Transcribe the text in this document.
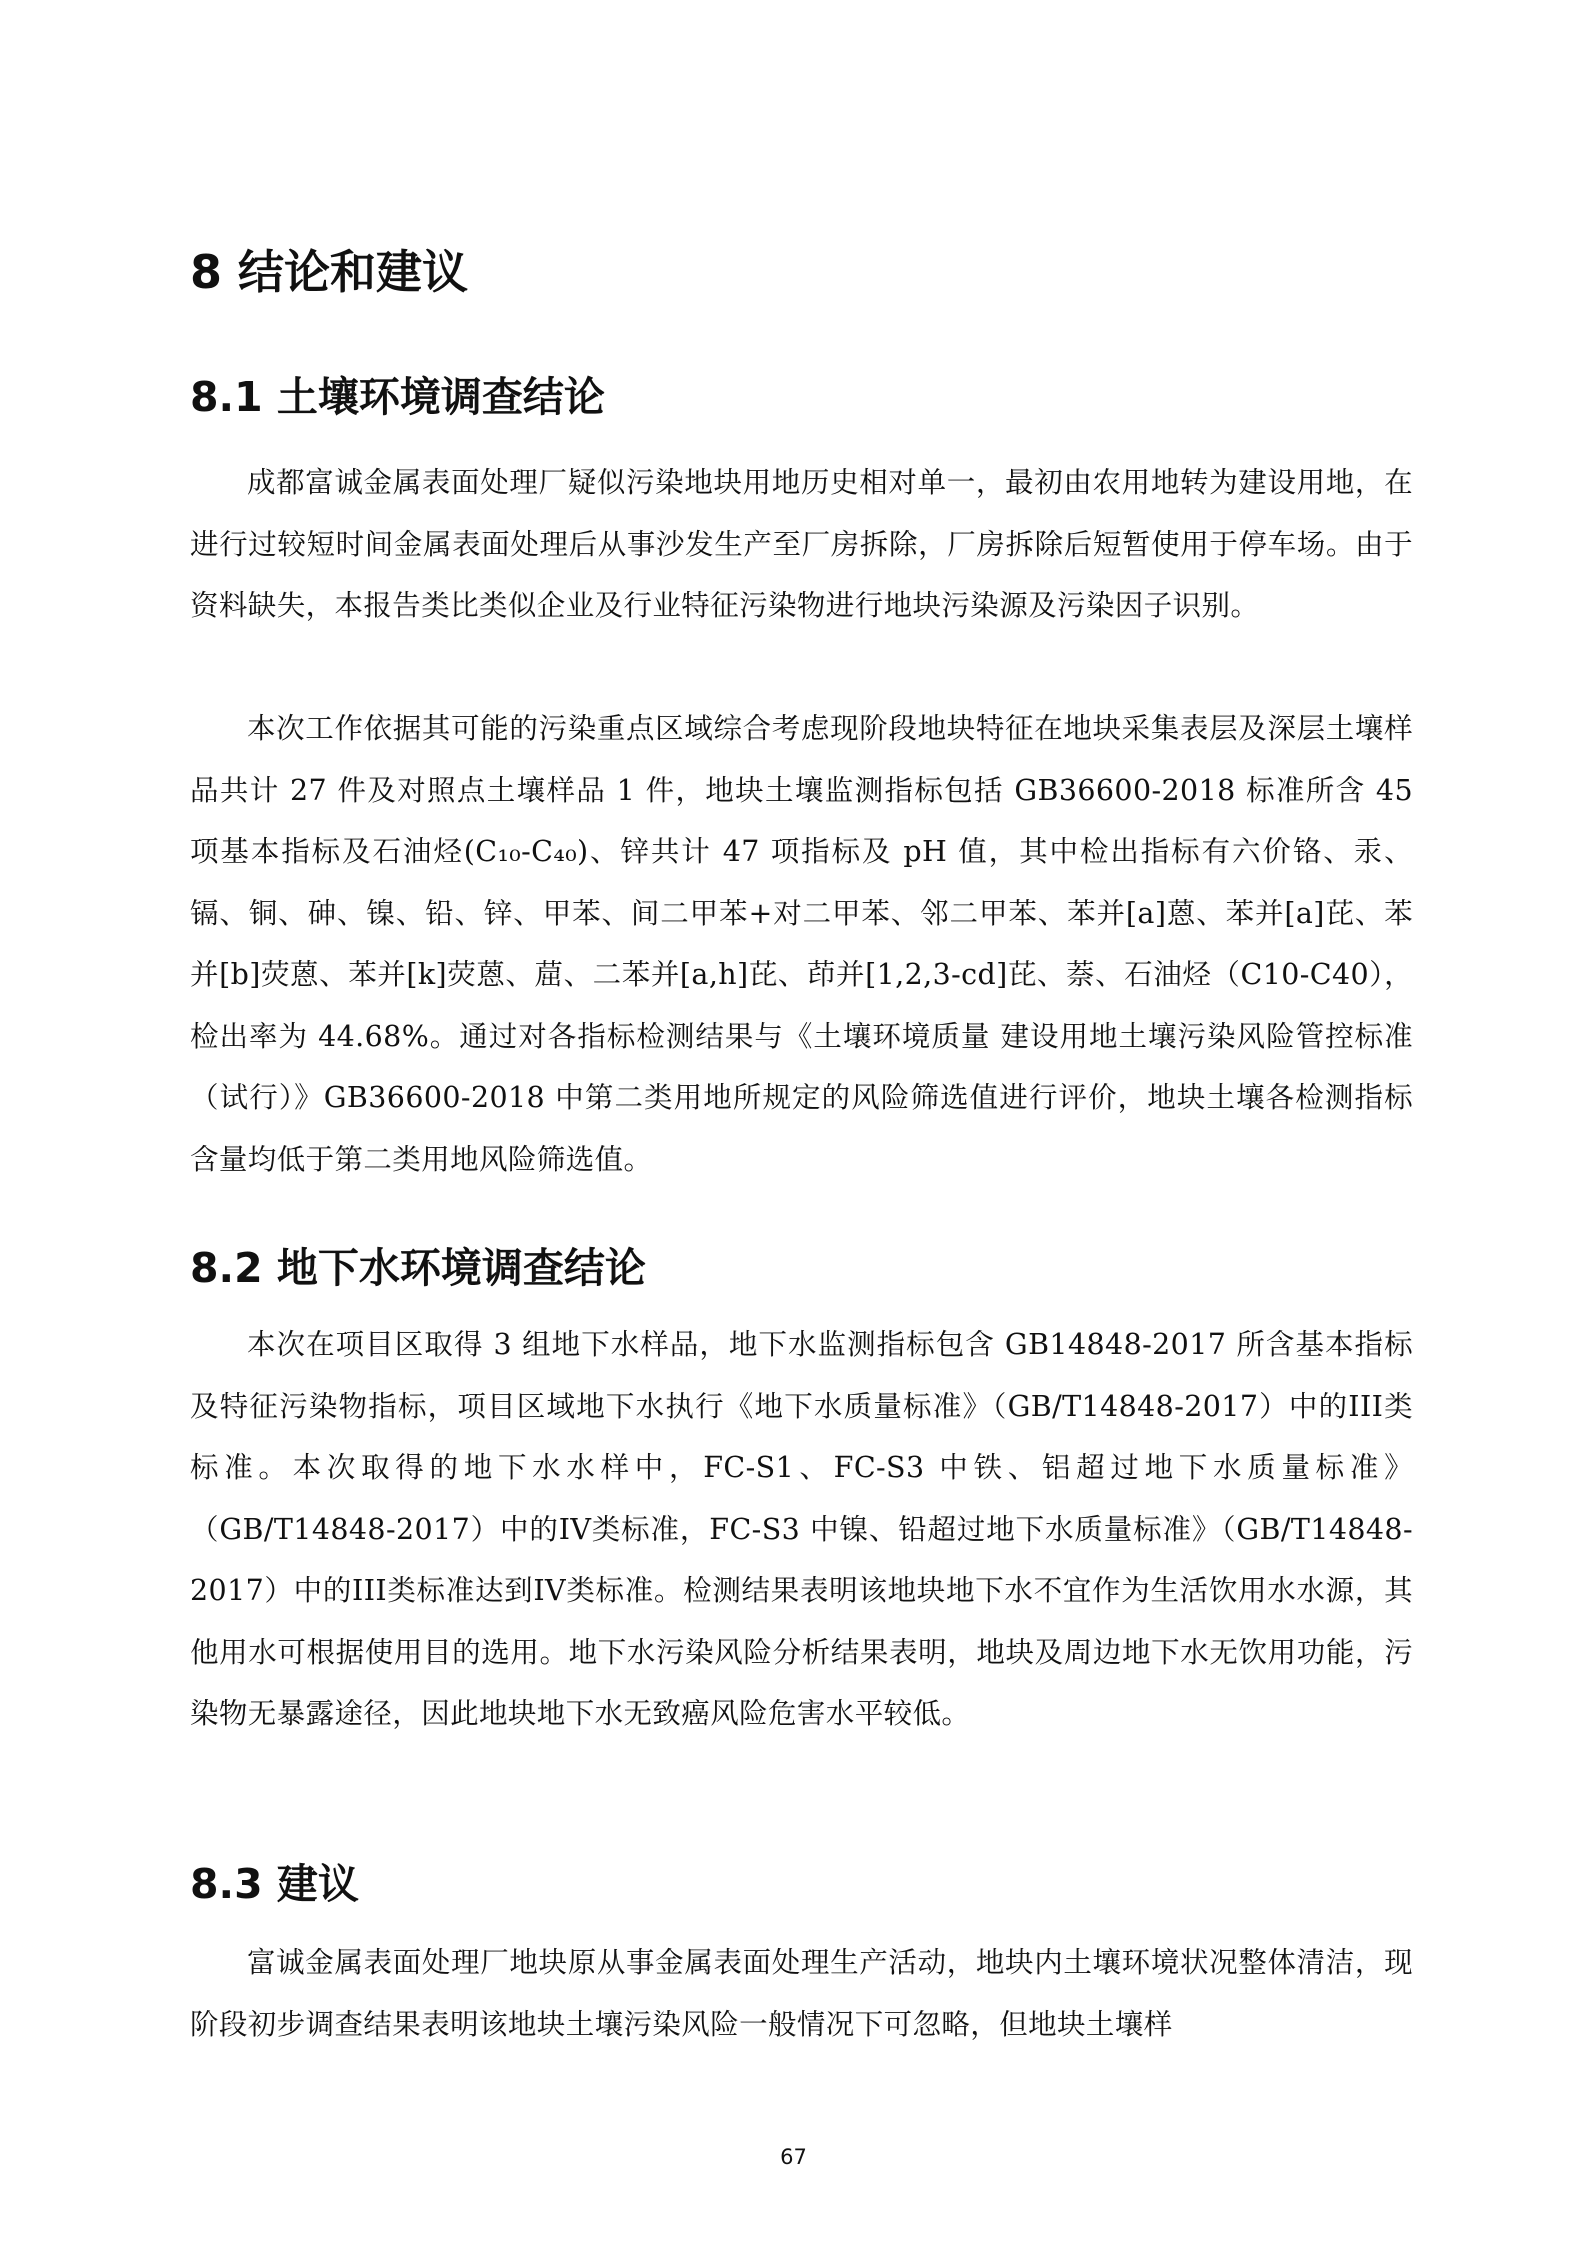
8 结论和建议
8.1 土壤环境调查结论

成都富诚金属表面处理厂疑似污染地块用地历史相对单一，最初由农用地转为建设用地，在进行过较短时间金属表面处理后从事沙发生产至厂房拆除，厂房拆除后短暂使用于停车场。由于资料缺失，本报告类比类似企业及行业特征污染物进行地块污染源及污染因子识别。

本次工作依据其可能的污染重点区域综合考虑现阶段地块特征在地块采集表层及深层土壤样品共计 27 件及对照点土壤样品 1 件，地块土壤监测指标包括 GB36600-2018 标准所含 45 项基本指标及石油烃(C₁₀-C₄₀)、锌共计 47 项指标及 pH 值，其中检出指标有六价铬、汞、镉、铜、砷、镍、铅、锌、甲苯、间二甲苯+对二甲苯、邻二甲苯、苯并[a]蒽、苯并[a]芘、苯并[b]荧蒽、苯并[k]荧蒽、䓛、二苯并[a,h]芘、茚并[1,2,3-cd]芘、萘、石油烃（C10-C40），检出率为 44.68%。通过对各指标检测结果与《土壤环境质量 建设用地土壤污染风险管控标准（试行）》GB36600-2018 中第二类用地所规定的风险筛选值进行评价，地块土壤各检测指标含量均低于第二类用地风险筛选值。

8.2 地下水环境调查结论

本次在项目区取得 3 组地下水样品，地下水监测指标包含 GB14848-2017 所含基本指标及特征污染物指标，项目区域地下水执行《地下水质量标准》（GB/T14848-2017）中的III类标准。本次取得的地下水水样中，FC-S1、FC-S3 中铁、铝超过地下水质量标准》（GB/T14848-2017）中的IV类标准，FC-S3 中镍、铅超过地下水质量标准》（GB/T14848-2017）中的III类标准达到IV类标准。检测结果表明该地块地下水不宜作为生活饮用水水源，其他用水可根据使用目的选用。地下水污染风险分析结果表明，地块及周边地下水无饮用功能，污染物无暴露途径，因此地块地下水无致癌风险危害水平较低。

8.3 建议

富诚金属表面处理厂地块原从事金属表面处理生产活动，地块内土壤环境状况整体清洁，现阶段初步调查结果表明该地块土壤污染风险一般情况下可忽略，但地块土壤样

67
